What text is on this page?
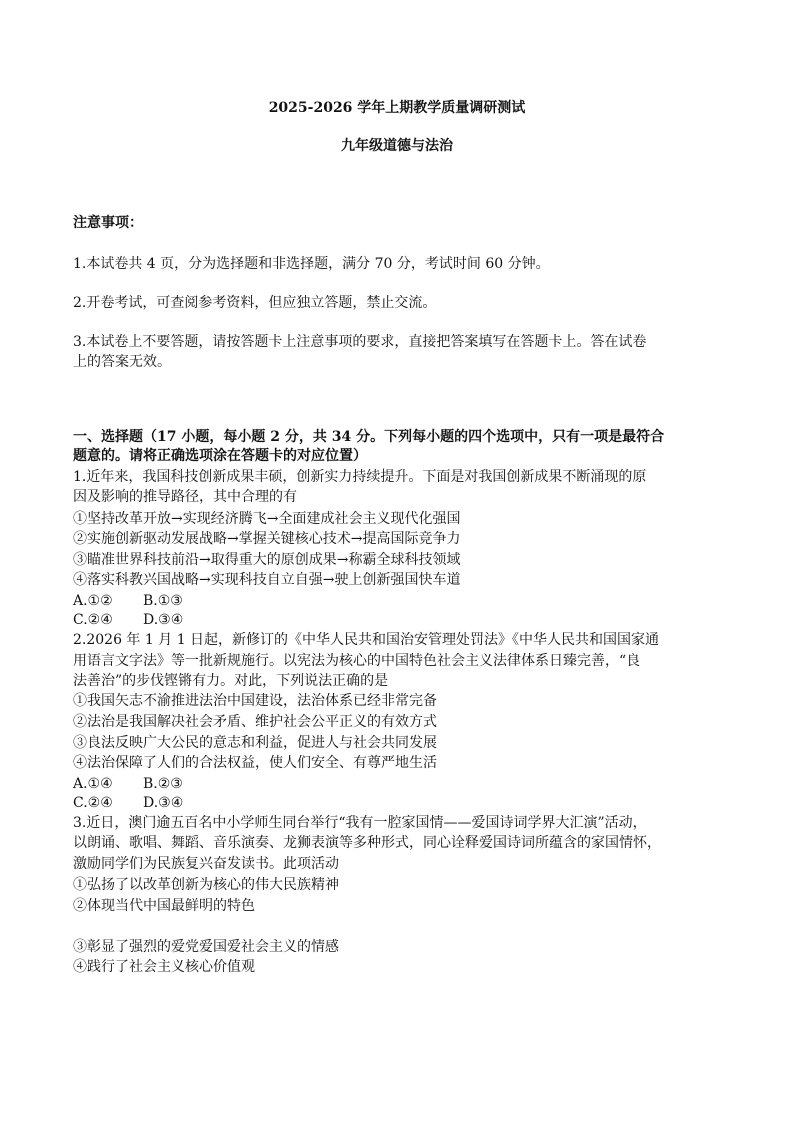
2025-2026 学年上期教学质量调研测试
九年级道德与法治
注意事项：
1.本试卷共 4 页，分为选择题和非选择题，满分 70 分，考试时间 60 分钟。
2.开卷考试，可查阅参考资料，但应独立答题，禁止交流。
3.本试卷上不要答题，请按答题卡上注意事项的要求，直接把答案填写在答题卡上。答在试卷
上的答案无效。
一、选择题（17 小题，每小题 2 分，共 34 分。下列每小题的四个选项中，只有一项是最符合
题意的。请将正确选项涂在答题卡的对应位置）
1.近年来，我国科技创新成果丰硕，创新实力持续提升。下面是对我国创新成果不断涌现的原
因及影响的推导路径，其中合理的有
①坚持改革开放→实现经济腾飞→全面建成社会主义现代化强国
②实施创新驱动发展战略→掌握关键核心技术→提高国际竞争力
③瞄准世界科技前沿→取得重大的原创成果→称霸全球科技领域
④落实科教兴国战略→实现科技自立自强→驶上创新强国快车道
A.①② B.①③
C.②④ D.③④
2.2026 年 1 月 1 日起，新修订的《中华人民共和国治安管理处罚法》《中华人民共和国国家通
用语言文字法》等一批新规施行。以宪法为核心的中国特色社会主义法律体系日臻完善，“良
法善治”的步伐铿锵有力。对此，下列说法正确的是
①我国矢志不渝推进法治中国建设，法治体系已经非常完备
②法治是我国解决社会矛盾、维护社会公平正义的有效方式
③良法反映广大公民的意志和利益，促进人与社会共同发展
④法治保障了人们的合法权益，使人们安全、有尊严地生活
A.①④ B.②③
C.②④ D.③④
3.近日，澳门逾五百名中小学师生同台举行“我有一腔家国情——爱国诗词学界大汇演”活动，
以朗诵、歌唱、舞蹈、音乐演奏、龙狮表演等多种形式，同心诠释爱国诗词所蕴含的家国情怀，
激励同学们为民族复兴奋发读书。此项活动
①弘扬了以改革创新为核心的伟大民族精神
②体现当代中国最鲜明的特色
③彰显了强烈的爱党爱国爱社会主义的情感
④践行了社会主义核心价值观
